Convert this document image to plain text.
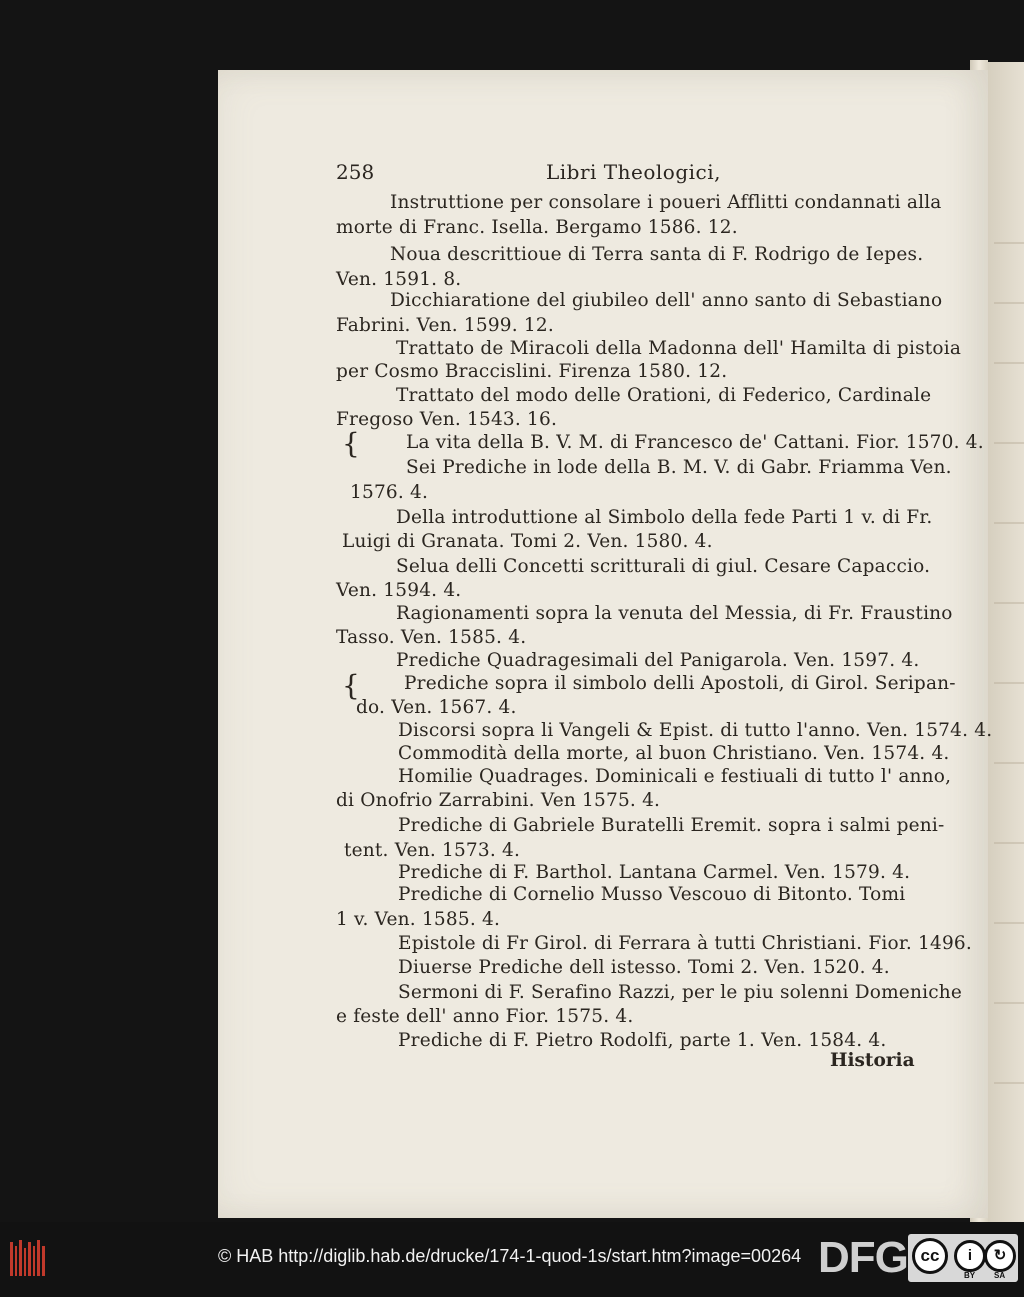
258	Libri Theologici,
Instruttione per consolare i poueri Afflitti condannati alla
morte di Franc. Isella. Bergamo 1586. 12.
Noua descrittioue di Terra santa di F. Rodrigo de Iepes.
Ven. 1591. 8.
Dicchiaratione del giubileo dell' anno santo di Sebastiano
Fabrini. Ven. 1599. 12.
Trattato de Miracoli della Madonna dell' Hamilta di pistoia
per Cosmo Braccislini. Firenza 1580. 12.
Trattato del modo delle Orationi, di Federico, Cardinale
Fregoso Ven. 1543. 16.
{ La vita della B. V. M. di Francesco de' Cattani. Fior. 1570. 4.
Sei Prediche in lode della B. M. V. di Gabr. Friamma Ven.
1576. 4.
Della introduttione al Simbolo della fede Parti 1 v. di Fr.
Luigi di Granata. Tomi 2. Ven. 1580. 4.
Selua delli Concetti scritturali di giul. Cesare Capaccio.
Ven. 1594. 4.
Ragionamenti sopra la venuta del Messia, di Fr. Fraustino
Tasso. Ven. 1585. 4.
Prediche Quadragesimali del Panigarola. Ven. 1597. 4.
{ Prediche sopra il simbolo delli Apostoli, di Girol. Seripan-
do. Ven. 1567. 4.
Discorsi sopra li Vangeli & Epist. di tutto l'anno. Ven. 1574. 4.
Commodità della morte, al buon Christiano. Ven. 1574. 4.
Homilie Quadrages. Dominicali e festiuali di tutto l' anno,
di Onofrio Zarrabini. Ven 1575. 4.
Prediche di Gabriele Buratelli Eremit. sopra i salmi peni-
tent. Ven. 1573. 4.
Prediche di F. Barthol. Lantana Carmel. Ven. 1579. 4.
Prediche di Cornelio Musso Vescouo di Bitonto. Tomi
1 v. Ven. 1585. 4.
Epistole di Fr Girol. di Ferrara à tutti Christiani. Fior. 1496.
Diuerse Prediche dell istesso. Tomi 2. Ven. 1520. 4.
Sermoni di F. Serafino Razzi, per le piu solenni Domeniche
e feste dell' anno Fior. 1575. 4.
Prediche di F. Pietro Rodolfi, parte 1. Ven. 1584. 4.
Historia
© HAB http://diglib.hab.de/drucke/174-1-quod-1s/start.htm?image=00264 DFG cc	i	↻
BY SA
